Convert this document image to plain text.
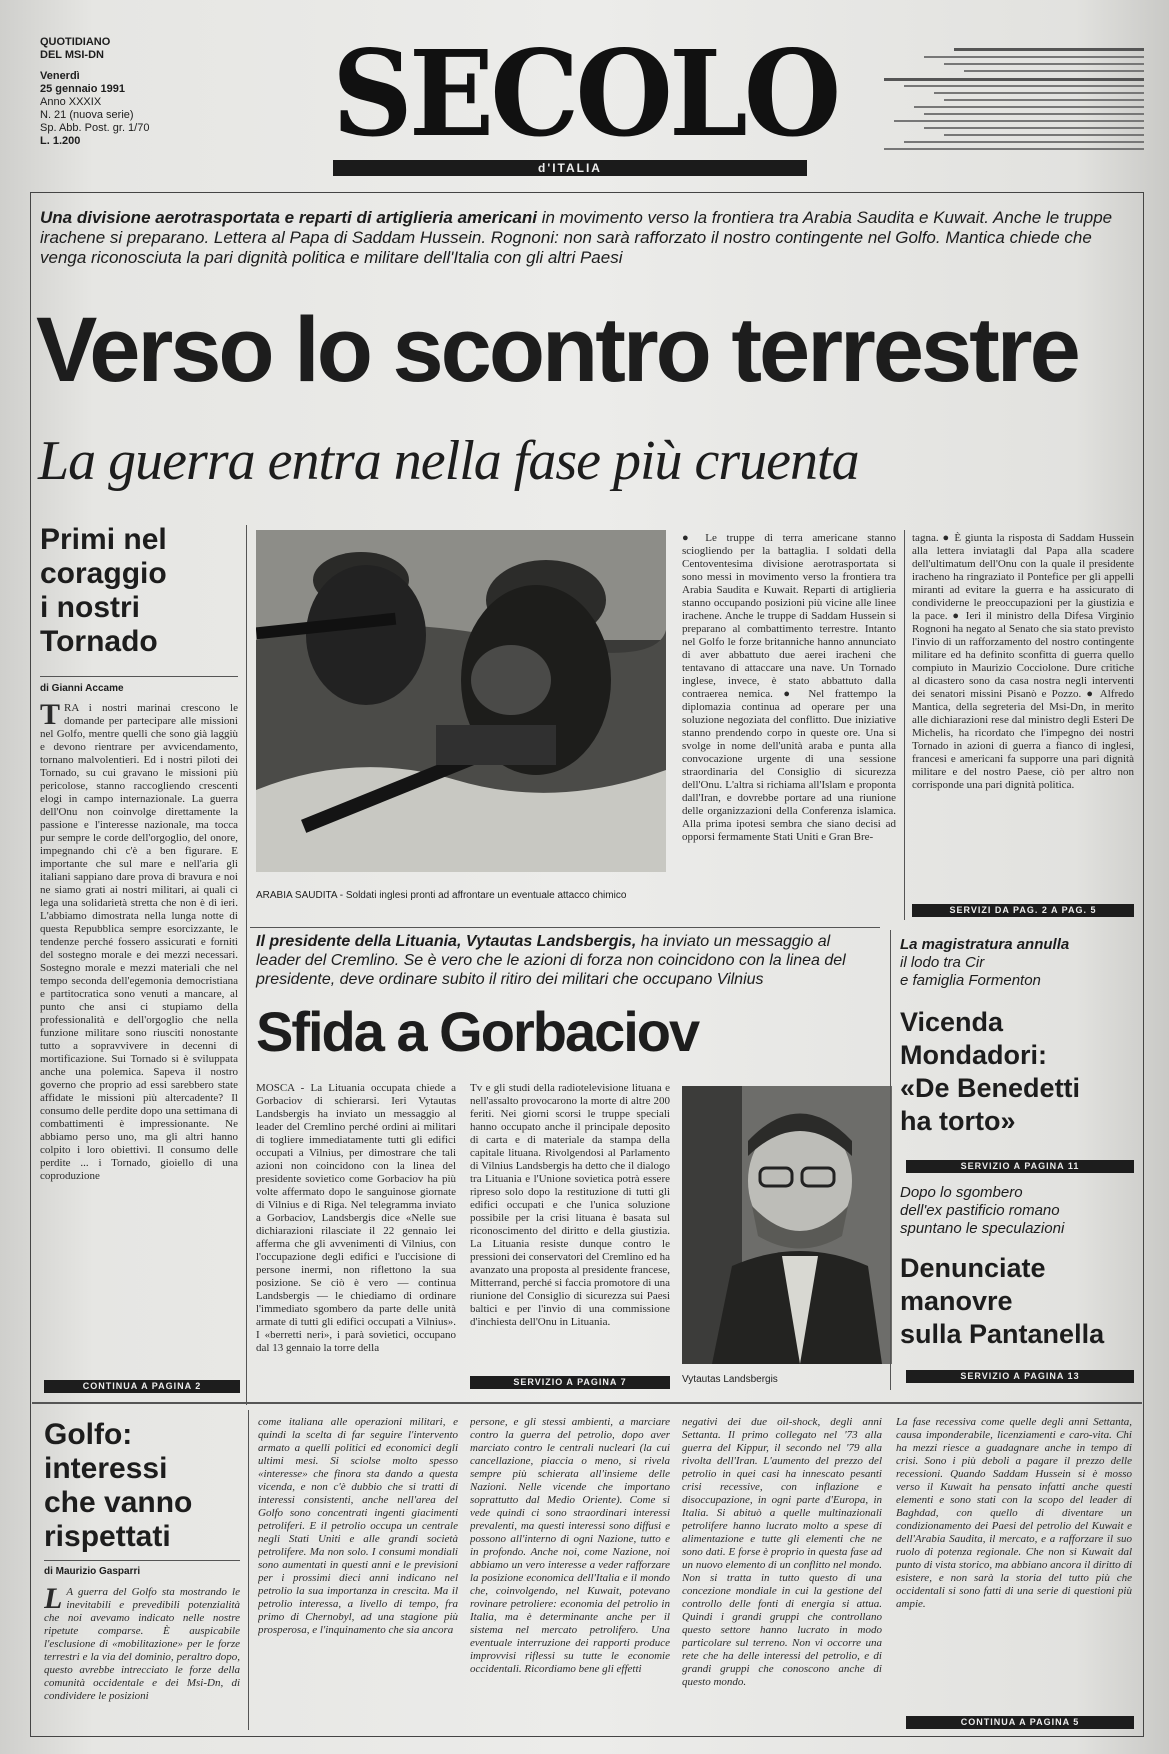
QUOTIDIANO
DEL MSI-DN
Venerdì
25 gennaio 1991
Anno XXXIX
N. 21 (nuova serie)
Sp. Abb. Post. gr. 1/70
L. 1.200	SECOLO
d'ITALIA
Una divisione aerotrasportata e reparti di artiglieria americani in movimento verso la frontiera tra Arabia Saudita e Kuwait. Anche le truppe irachene si preparano. Lettera al Papa di Saddam Hussein. Rognoni: non sarà rafforzato il nostro contingente nel Golfo. Mantica chiede che venga riconosciuta la pari dignità politica e militare dell'Italia con gli altri Paesi
Verso lo scontro terrestre
La guerra entra nella fase più cruenta
Primi nel
coraggio
i nostri
Tornado
di Gianni Accame
TRA i nostri marinai crescono le domande per partecipare alle missioni nel Golfo, mentre quelli che sono già laggiù e devono rientrare per avvicendamento, tornano malvolentieri. Ed i nostri piloti dei Tornado, su cui gravano le missioni più pericolose, stanno raccogliendo crescenti elogi in campo internazionale. La guerra dell'Onu non coinvolge direttamente la passione e l'interesse nazionale, ma tocca pur sempre le corde dell'orgoglio, del onore, impegnando chi c'è a ben figurare. E importante che sul mare e nell'aria gli italiani sappiano dare prova di bravura e noi ne siamo grati ai nostri militari, ai quali ci lega una solidarietà stretta che non è di ieri. L'abbiamo dimostrata nella lunga notte di questa Repubblica sempre esorcizzante, le tendenze perché fossero assicurati e forniti del sostegno morale e dei mezzi necessari. Sostegno morale e mezzi materiali che nel tempo seconda dell'egemonia democristiana e partitocratica sono venuti a mancare, al punto che ansi ci stupiamo della professionalità e dell'orgoglio che nella funzione militare sono riusciti nonostante tutto a sopravvivere in decenni di mortificazione. Sui Tornado si è sviluppata anche una polemica. Sapeva il nostro governo che proprio ad essi sarebbero state affidate le missioni più altercadente? Il consumo delle perdite dopo una settimana di combattimenti è impressionante. Ne abbiamo perso uno, ma gli altri hanno colpito i loro obiettivi. Il consumo delle perdite ... i Tornado, gioiello di una coproduzione
CONTINUA A PAGINA 2
ARABIA SAUDITA - Soldati inglesi pronti ad affrontare un eventuale attacco chimico
● Le truppe di terra americane stanno sciogliendo per la battaglia. I soldati della Centoventesima divisione aerotrasportata si sono messi in movimento verso la frontiera tra Arabia Saudita e Kuwait. Reparti di artiglieria stanno occupando posizioni più vicine alle linee irachene. Anche le truppe di Saddam Hussein si preparano al combattimento terrestre. Intanto nel Golfo le forze britanniche hanno annunciato di aver abbattuto due aerei iracheni che tentavano di attaccare una nave. Un Tornado inglese, invece, è stato abbattuto dalla contraerea nemica. ● Nel frattempo la diplomazia continua ad operare per una soluzione negoziata del conflitto. Due iniziative stanno prendendo corpo in queste ore. Una si svolge in nome dell'unità araba e punta alla convocazione urgente di una sessione straordinaria del Consiglio di sicurezza dell'Onu. L'altra si richiama all'Islam e proponta dall'Iran, e dovrebbe portare ad una riunione delle organizzazioni della Conferenza islamica. Alla prima ipotesi sembra che siano decisi ad opporsi fermamente Stati Uniti e Gran Bre-
tagna. ● È giunta la risposta di Saddam Hussein alla lettera inviatagli dal Papa alla scadere dell'ultimatum dell'Onu con la quale il presidente iracheno ha ringraziato il Pontefice per gli appelli miranti ad evitare la guerra e ha assicurato di condividerne le preoccupazioni per la giustizia e la pace. ● Ieri il ministro della Difesa Virginio Rognoni ha negato al Senato che sia stato previsto l'invio di un rafforzamento del nostro contingente militare ed ha definito sconfitta di guerra quello compiuto in Maurizio Cocciolone. Dure critiche al dicastero sono da casa nostra negli interventi dei senatori missini Pisanò e Pozzo. ● Alfredo Mantica, della segreteria del Msi-Dn, in merito alle dichiarazioni rese dal ministro degli Esteri De Michelis, ha ricordato che l'impegno dei nostri Tornado in azioni di guerra a fianco di inglesi, francesi e americani fa supporre una pari dignità militare e del nostro Paese, ciò per altro non corrisponde una pari dignità politica.
SERVIZI DA PAG. 2 A PAG. 5
Il presidente della Lituania, Vytautas Landsbergis, ha inviato un messaggio al leader del Cremlino. Se è vero che le azioni di forza non coincidono con la linea del presidente, deve ordinare subito il ritiro dei militari che occupano Vilnius
Sfida a Gorbaciov
MOSCA - La Lituania occupata chiede a Gorbaciov di schierarsi. Ieri Vytautas Landsbergis ha inviato un messaggio al leader del Cremlino perché ordini ai militari di togliere immediatamente tutti gli edifici occupati a Vilnius, per dimostrare che tali azioni non coincidono con la linea del presidente sovietico come Gorbaciov ha più volte affermato dopo le sanguinose giornate di Vilnius e di Riga. Nel telegramma inviato a Gorbaciov, Landsbergis dice «Nelle sue dichiarazioni rilasciate il 22 gennaio lei afferma che gli avvenimenti di Vilnius, con l'occupazione degli edifici e l'uccisione di persone inermi, non riflettono la sua posizione. Se ciò è vero — continua Landsbergis — le chiediamo di ordinare l'immediato sgombero da parte delle unità armate di tutti gli edifici occupati a Vilnius». I «berretti neri», i parà sovietici, occupano dal 13 gennaio la torre della
Tv e gli studi della radiotelevisione lituana e nell'assalto provocarono la morte di altre 200 feriti. Nei giorni scorsi le truppe speciali hanno occupato anche il principale deposito di carta e di materiale da stampa della capitale lituana. Rivolgendosi al Parlamento di Vilnius Landsbergis ha detto che il dialogo tra Lituania e l'Unione sovietica potrà essere ripreso solo dopo la restituzione di tutti gli edifici occupati e che l'unica soluzione possibile per la crisi lituana è basata sul riconoscimento del diritto e della giustizia. La Lituania resiste dunque contro le pressioni dei conservatori del Cremlino ed ha avanzato una proposta al presidente francese, Mitterrand, perché si faccia promotore di una riunione del Consiglio di sicurezza sui Paesi baltici e per l'invio di una commissione d'inchiesta dell'Onu in Lituania.
SERVIZIO A PAGINA 7	Vytautas Landsbergis
La magistratura annulla
il lodo tra Cir
e famiglia Formenton
Vicenda
Mondadori:
«De Benedetti
ha torto»
SERVIZIO A PAGINA 11
Dopo lo sgombero
dell'ex pastificio romano
spuntano le speculazioni
Denunciate
manovre
sulla Pantanella
SERVIZIO A PAGINA 13
Golfo:
interessi
che vanno
rispettati
di Maurizio Gasparri
L A guerra del Golfo sta mostrando le inevitabili e prevedibili potenzialità che noi avevamo indicato nelle nostre ripetute comparse. È auspicabile l'esclusione di «mobilitazione» per le forze terrestri e la via del dominio, peraltro dopo, questo avrebbe intrecciato le forze della comunità occidentale e dei Msi-Dn, di condividere le posizioni
come italiana alle operazioni militari, e quindi la scelta di far seguire l'intervento armato a quelli politici ed economici degli ultimi mesi. Si sciolse molto spesso «interesse» che finora sta dando a questa vicenda, e non c'è dubbio che si tratti di interessi consistenti, anche nell'area del Golfo sono concentrati ingenti giacimenti petroliferi. E il petrolio occupa un centrale negli Stati Uniti e alle grandi società petrolifere. Ma non solo. I consumi mondiali sono aumentati in questi anni e le previsioni per i prossimi dieci anni indicano nel petrolio la sua importanza in crescita. Ma il petrolio interessa, a livello di tempo, fra primo di Chernobyl, ad una stagione più prosperosa, e l'inquinamento che sia ancora
persone, e gli stessi ambienti, a marciare contro la guerra del petrolio, dopo aver marciato contro le centrali nucleari (la cui cancellazione, piaccia o meno, si rivela sempre più schierata all'insieme delle Nazioni. Nelle vicende che importano soprattutto dal Medio Oriente). Come si vede quindi ci sono straordinari interessi prevalenti, ma questi interessi sono diffusi e possono all'interno di ogni Nazione, tutto e in profondo. Anche noi, come Nazione, noi abbiamo un vero interesse a veder rafforzare la posizione economica dell'Italia e il mondo che, coinvolgendo, nel Kuwait, potevano rovinare petroliere: economia del petrolio in Italia, ma è determinante anche per il sistema nel mercato petrolifero. Una eventuale interruzione dei rapporti produce improvvisi riflessi su tutte le economie occidentali. Ricordiamo bene gli effetti
negativi dei due oil-shock, degli anni Settanta. Il primo collegato nel '73 alla guerra del Kippur, il secondo nel '79 alla rivolta dell'Iran. L'aumento del prezzo del petrolio in quei casi ha innescato pesanti crisi recessive, con inflazione e disoccupazione, in ogni parte d'Europa, in Italia. Si abituò a quelle multinazionali petrolifere hanno lucrato molto a spese di alimentazione e tutte gli elementi che ne sono dati. E forse è proprio in questa fase ad un nuovo elemento di un conflitto nel mondo. Non si tratta in tutto questo di una concezione mondiale in cui la gestione del controllo delle fonti di energia si attua. Quindi i grandi gruppi che controllano questo settore hanno lucrato in modo particolare sul terreno. Non vi occorre una rete che ha delle interessi del petrolio, e di grandi gruppi che conoscono anche di questo mondo.
La fase recessiva come quelle degli anni Settanta, causa imponderabile, licenziamenti e caro-vita. Chi ha mezzi riesce a guadagnare anche in tempo di crisi. Sono i più deboli a pagare il prezzo delle recessioni. Quando Saddam Hussein si è mosso verso il Kuwait ha pensato infatti anche questi elementi e sono stati con la scopo del leader di Baghdad, con quello di diventare un condizionamento dei Paesi del petrolio del Kuwait e dell'Arabia Saudita, il mercato, e a rafforzare il suo ruolo di potenza regionale. Che non si Kuwait dal punto di vista storico, ma abbiano ancora il diritto di esistere, e non sarà la storia del tutto più che occidentali si sono fatti di una serie di questioni più ampie.
CONTINUA A PAGINA 5
